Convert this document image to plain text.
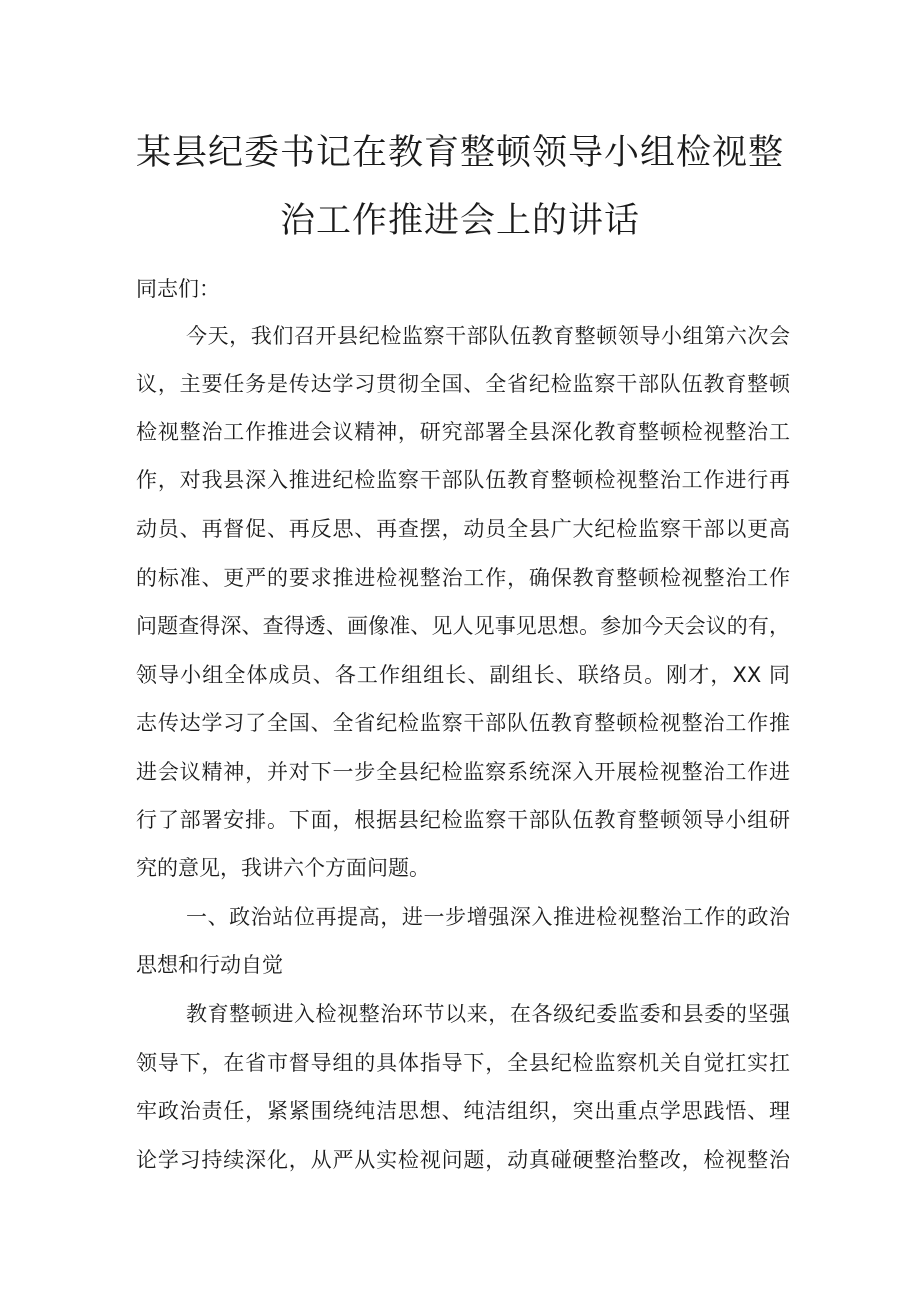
某县纪委书记在教育整顿领导小组检视整
治工作推进会上的讲话
同志们：
今天，我们召开县纪检监察干部队伍教育整顿领导小组第六次会
议，主要任务是传达学习贯彻全国、全省纪检监察干部队伍教育整顿
检视整治工作推进会议精神，研究部署全县深化教育整顿检视整治工
作，对我县深入推进纪检监察干部队伍教育整顿检视整治工作进行再
动员、再督促、再反思、再查摆，动员全县广大纪检监察干部以更高
的标准、更严的要求推进检视整治工作，确保教育整顿检视整治工作
问题查得深、查得透、画像准、见人见事见思想。参加今天会议的有，
领导小组全体成员、各工作组组长、副组长、联络员。刚才，XX 同
志传达学习了全国、全省纪检监察干部队伍教育整顿检视整治工作推
进会议精神，并对下一步全县纪检监察系统深入开展检视整治工作进
行了部署安排。下面，根据县纪检监察干部队伍教育整顿领导小组研
究的意见，我讲六个方面问题。
一、政治站位再提高，进一步增强深入推进检视整治工作的政治
思想和行动自觉
教育整顿进入检视整治环节以来，在各级纪委监委和县委的坚强
领导下，在省市督导组的具体指导下，全县纪检监察机关自觉扛实扛
牢政治责任，紧紧围绕纯洁思想、纯洁组织，突出重点学思践悟、理
论学习持续深化，从严从实检视问题，动真碰硬整治整改，检视整治
